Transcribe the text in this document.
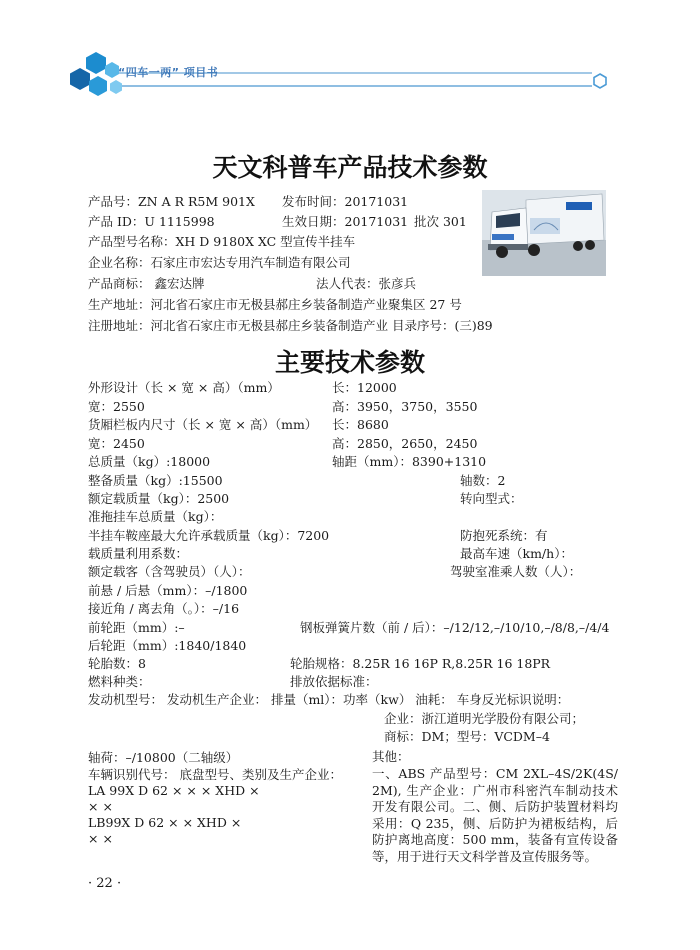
“四车一两” 项目书
天文科普车产品技术参数
产品号：ZN A R R5M 901X 发布时间：20171031
产品 ID：U 1115998	生效日期：20171031 批次 301
产品型号名称：XH D 9180X XC 型宣传半挂车
企业名称：石家庄市宏达专用汽车制造有限公司
产品商标： 鑫宏达牌	法人代表：张彦兵
生产地址：河北省石家庄市无极县郝庄乡装备制造产业聚集区 27 号
注册地址：河北省石家庄市无极县郝庄乡装备制造产业 目录序号：(三)89
主要技术参数
外形设计（长 × 宽 × 高）（mm）	长：12000
宽：2550	高：3950，3750，3550
货厢栏板内尺寸（长 × 宽 × 高）（mm） 长：8680
宽：2450	高：2850，2650，2450
总质量（kg）:18000	轴距（mm）：8390+1310
整备质量（kg）:15500	轴数：2
额定载质量（kg）：2500	转向型式：
准拖挂车总质量（kg）：
半挂车鞍座最大允许承载质量（kg）：7200	防抱死系统：有
载质量利用系数：	最高车速（km/h）：
额定载客（含驾驶员）（人）：	驾驶室准乘人数（人）：
前悬 / 后悬（mm）：–/1800
接近角 / 离去角（。）：–/16
前轮距（mm）:–	钢板弹簧片数（前 / 后）：–/12/12,–/10/10,–/8/8,–/4/4
后轮距（mm）:1840/1840
轮胎数：8	轮胎规格：8.25R 16 16P R,8.25R 16 18PR
燃料种类：	排放依据标准：
发动机型号： 发动机生产企业： 排量（ml）：功率（kw） 油耗： 车身反光标识说明：
企业：浙江道明光学股份有限公司；
商标：DM；型号：VCDM–4
轴荷：–/10800（二轴级）	其他：
车辆识别代号： 底盘型号、类别及生产企业：
LA 99X D 62 × × × XHD ×
× ×
LB99X D 62 × × XHD ×
× ×
一、ABS 产品型号：CM 2XL–4S/2K(4S/2M), 生产企业：广州市科密汽车制动技术开发有限公司。二、侧、后防护装置材料均采用：Q 235，侧、后防护为裙板结构，后防护离地高度：500 mm，装备有宣传设备等，用于进行天文科学普及宣传服务等。
· 22 ·
